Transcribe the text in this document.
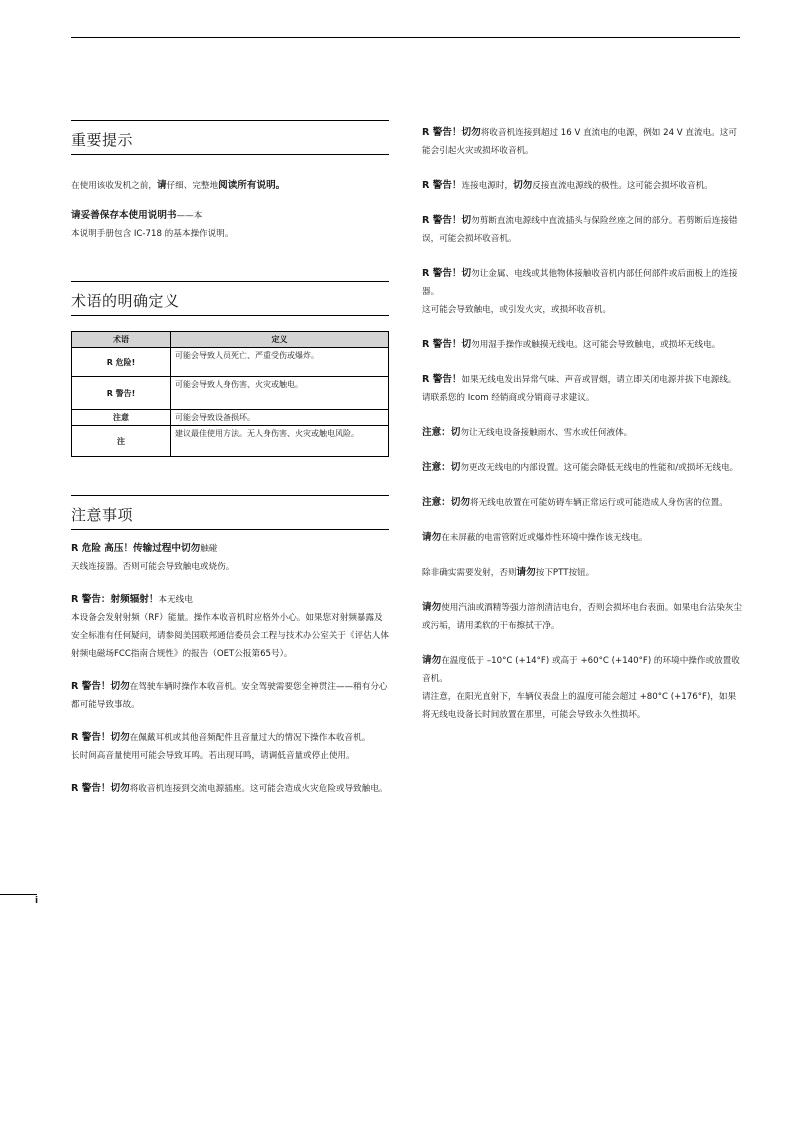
重要提示

在使用该收发机之前，请仔细、完整地阅读所有说明。

请妥善保存本使用说明书——本

本说明手册包含 IC-718 的基本操作说明。

术语的明确定义
术语	定义
R 危险!	可能会导致人员死亡、严重受伤或爆炸。
R 警告!	可能会导致人身伤害、火灾或触电。
注意	可能会导致设备损坏。
注	建议最佳使用方法。无人身伤害、火灾或触电风险。
注意事项

R 危险 高压！传输过程中切勿触碰

天线连接器。否则可能会导致触电或烧伤。

R 警告：射频辐射！本无线电

本设备会发射射频（RF）能量。操作本收音机时应格外小心。如果您对射频暴露及安全标准有任何疑问，请参阅美国联邦通信委员会工程与技术办公室关于《评估人体射频电磁场FCC指南合规性》的报告（OET公报第65号）。

R 警告！切勿在驾驶车辆时操作本收音机。安全驾驶需要您全神贯注——稍有分心都可能导致事故。

R 警告！切勿在佩戴耳机或其他音频配件且音量过大的情况下操作本收音机。

长时间高音量使用可能会导致耳鸣。若出现耳鸣，请调低音量或停止使用。

R 警告！切勿将收音机连接到交流电源插座。这可能会造成火灾危险或导致触电。

R 警告！切勿将收音机连接到超过 16 V 直流电的电源，例如 24 V 直流电。这可能会引起火灾或损坏收音机。

R 警告！连接电源时，切勿反接直流电源线的极性。这可能会损坏收音机。

R 警告！切勿剪断直流电源线中直流插头与保险丝座之间的部分。若剪断后连接错误，可能会损坏收音机。

R 警告！切勿让金属、电线或其他物体接触收音机内部任何部件或后面板上的连接器。

这可能会导致触电，或引发火灾，或损坏收音机。

R 警告！切勿用湿手操作或触摸无线电。这可能会导致触电，或损坏无线电。

R 警告！如果无线电发出异常气味、声音或冒烟，请立即关闭电源并拔下电源线。请联系您的 Icom 经销商或分销商寻求建议。

注意：切勿让无线电设备接触雨水、雪水或任何液体。

注意：切勿更改无线电的内部设置。这可能会降低无线电的性能和/或损坏无线电。

注意：切勿将无线电放置在可能妨碍车辆正常运行或可能造成人身伤害的位置。

请勿在未屏蔽的电雷管附近或爆炸性环境中操作该无线电。

除非确实需要发射，否则请勿按下PTT按钮。

请勿使用汽油或酒精等强力溶剂清洁电台，否则会损坏电台表面。如果电台沾染灰尘或污垢，请用柔软的干布擦拭干净。

请勿在温度低于 –10°C (+14°F) 或高于 +60°C (+140°F) 的环境中操作或放置收音机。

请注意，在阳光直射下，车辆仪表盘上的温度可能会超过 +80°C (+176°F)，如果将无线电设备长时间放置在那里，可能会导致永久性损坏。

i
